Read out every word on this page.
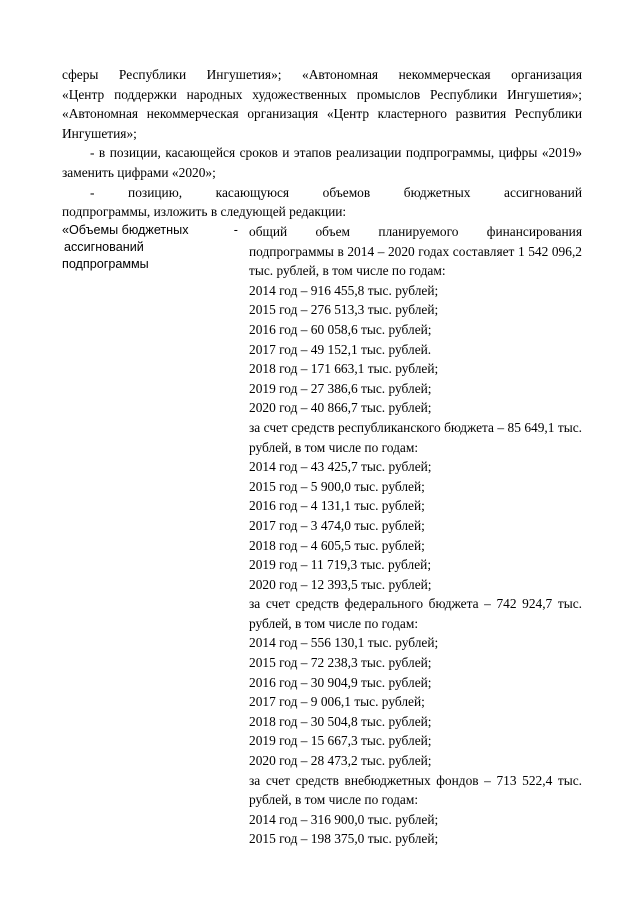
сферы Республики Ингушетия»; «Автономная некоммерческая организация

«Центр поддержки народных художественных промыслов Республики Ингушетия»; «Автономная некоммерческая организация «Центр кластерного развития Республики Ингушетия»;

- в позиции, касающейся сроков и этапов реализации подпрограммы, цифры «2019» заменить цифрами «2020»;

- позицию, касающуюся объемов бюджетных ассигнований

подпрограммы, изложить в следующей редакции:

«Объемы бюджетных	-
ассигнований
подпрограммы
общий объем планируемого финансирования подпрограммы в 2014 – 2020 годах составляет 1 542 096,2 тыс. рублей, в том числе по годам:
2014 год – 916 455,8 тыс. рублей;
2015 год – 276 513,3 тыс. рублей;
2016 год – 60 058,6 тыс. рублей;
2017 год – 49 152,1 тыс. рублей.
2018 год – 171 663,1 тыс. рублей;
2019 год – 27 386,6 тыс. рублей;
2020 год – 40 866,7 тыс. рублей;
за счет средств республиканского бюджета – 85 649,1 тыс. рублей, в том числе по годам:
2014 год – 43 425,7 тыс. рублей;
2015 год – 5 900,0 тыс. рублей;
2016 год – 4 131,1 тыс. рублей;
2017 год – 3 474,0 тыс. рублей;
2018 год – 4 605,5 тыс. рублей;
2019 год – 11 719,3 тыс. рублей;
2020 год – 12 393,5 тыс. рублей;
за счет средств федерального бюджета – 742 924,7 тыс. рублей, в том числе по годам:
2014 год – 556 130,1 тыс. рублей;
2015 год – 72 238,3 тыс. рублей;
2016 год – 30 904,9 тыс. рублей;
2017 год – 9 006,1 тыс. рублей;
2018 год – 30 504,8 тыс. рублей;
2019 год – 15 667,3 тыс. рублей;
2020 год – 28 473,2 тыс. рублей;
за счет средств внебюджетных фондов – 713 522,4 тыс. рублей, в том числе по годам:
2014 год – 316 900,0 тыс. рублей;
2015 год – 198 375,0 тыс. рублей;
